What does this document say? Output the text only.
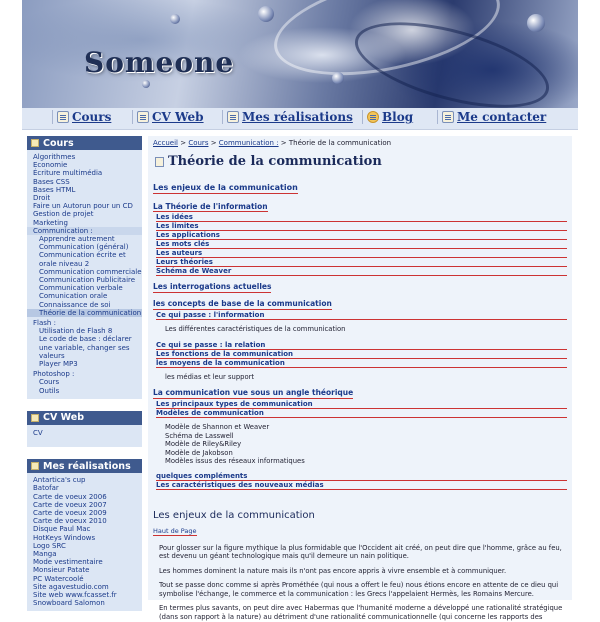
Someone
Cours	CV Web	Mes réalisations Blog	Me contacter
Cours
Algorithmes
Economie
Écriture multimédia
Bases CSS
Bases HTML
Droit
Faire un Autorun pour un CD
Gestion de projet
Marketing
Communication :
Apprendre autrement
Communication (général)
Communication écrite et orale niveau 2
Communication commerciale
Communication Publicitaire
Communication verbale
Comunication orale
Connaissance de soi
Théorie de la communication
Flash :
Utilisation de Flash 8
Le code de base : déclarer une variable, changer ses valeurs
Player MP3
Photoshop :
Cours
Outils
CV Web
CV
Mes réalisations
Antartica's cup
Batofar
Carte de voeux 2006
Carte de voeux 2007
Carte de voeux 2009
Carte de voeux 2010
Disque Paul Mac
HotKeys Windows
Logo SRC
Manga
Mode vestimentaire
Monsieur Patate
PC Watercoolé
Site agavestudio.com
Site web www.fcasset.fr
Snowboard Salomon
Accueil > Cours > Communication : > Théorie de la communication
Théorie de la communication
Les enjeux de la communication
La Théorie de l'information
Les idées
Les limites
Les applications
Les mots clés
Les auteurs
Leurs théories
Schéma de Weaver
Les interrogations actuelles
les concepts de base de la communication
Ce qui passe : l'information
Les différentes caractéristiques de la communication
Ce qui se passe : la relation
Les fonctions de la communication
les moyens de la communication
les médias et leur support
La communication vue sous un angle théorique
Les principaux types de communication
Modèles de communication
Modèle de Shannon et Weaver
Schéma de Lasswell
Modèle de Riley&Riley
Modèle de Jakobson
Modèles issus des réseaux informatiques
quelques compléments
Les caractéristiques des nouveaux médias
Les enjeux de la communication
Haut de Page
Pour glosser sur la figure mythique la plus formidable que l'Occident ait créé, on peut dire que l'homme, grâce au feu, est devenu un géant technologique mais qu'il demeure un nain politique.
Les hommes dominent la nature mais ils n'ont pas encore appris à vivre ensemble et à communiquer.
Tout se passe donc comme si après Prométhée (qui nous a offert le feu) nous étions encore en attente de ce dieu qui symbolise l'échange, le commerce et la communication : les Grecs l'appelaient Hermès, les Romains Mercure.
En termes plus savants, on peut dire avec Habermas que l'humanité moderne a développé une rationalité stratégique (dans son rapport à la nature) au détriment d'une rationalité communicationnelle (qui concerne les rapports des
